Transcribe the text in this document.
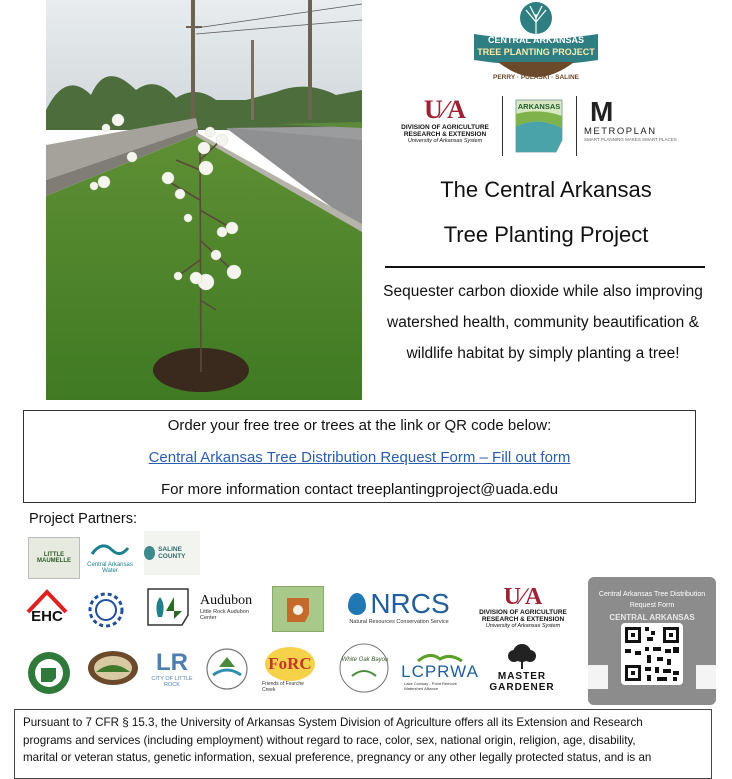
CENTRAL ARKANSAS
TREE PLANTING PROJECT
PERRY · PULASKI · SALINE
U∕A
DIVISION OF AGRICULTURE
RESEARCH & EXTENSION
University of Arkansas System
ARKANSAS M
METROPLAN
SMART PLANNING MAKES SMART PLACES
The Central Arkansas
Tree Planting Project
Sequester carbon dioxide while also improving
watershed health, community beautification &
wildlife habitat by simply planting a tree!
Order your free tree or trees at the link or QR code below:
Central Arkansas Tree Distribution Request Form – Fill out form
For more information contact treeplantingproject@uada.edu
Project Partners:
LITTLE MAUMELLE
Central Arkansas Water
SALINE COUNTY
EHC
Audubon
Little Rock Audubon Center	NRCS
Natural Resources Conservation Service
U∕A
DIVISION OF AGRICULTURE
RESEARCH & EXTENSION
University of Arkansas System
LR
CITY OF LITTLE ROCK
FoRC
Friends of Fourche Creek
White Oak Bayou
LCPRWA
Lake Conway - Point Remove Watershed Alliance
MASTER
GARDENER
CENTRAL ARKANSAS
Central Arkansas Tree Distribution
Request Form
Pursuant to 7 CFR § 15.3, the University of Arkansas System Division of Agriculture offers all its Extension and Research
programs and services (including employment) without regard to race, color, sex, national origin, religion, age, disability,
marital or veteran status, genetic information, sexual preference, pregnancy or any other legally protected status, and is an
